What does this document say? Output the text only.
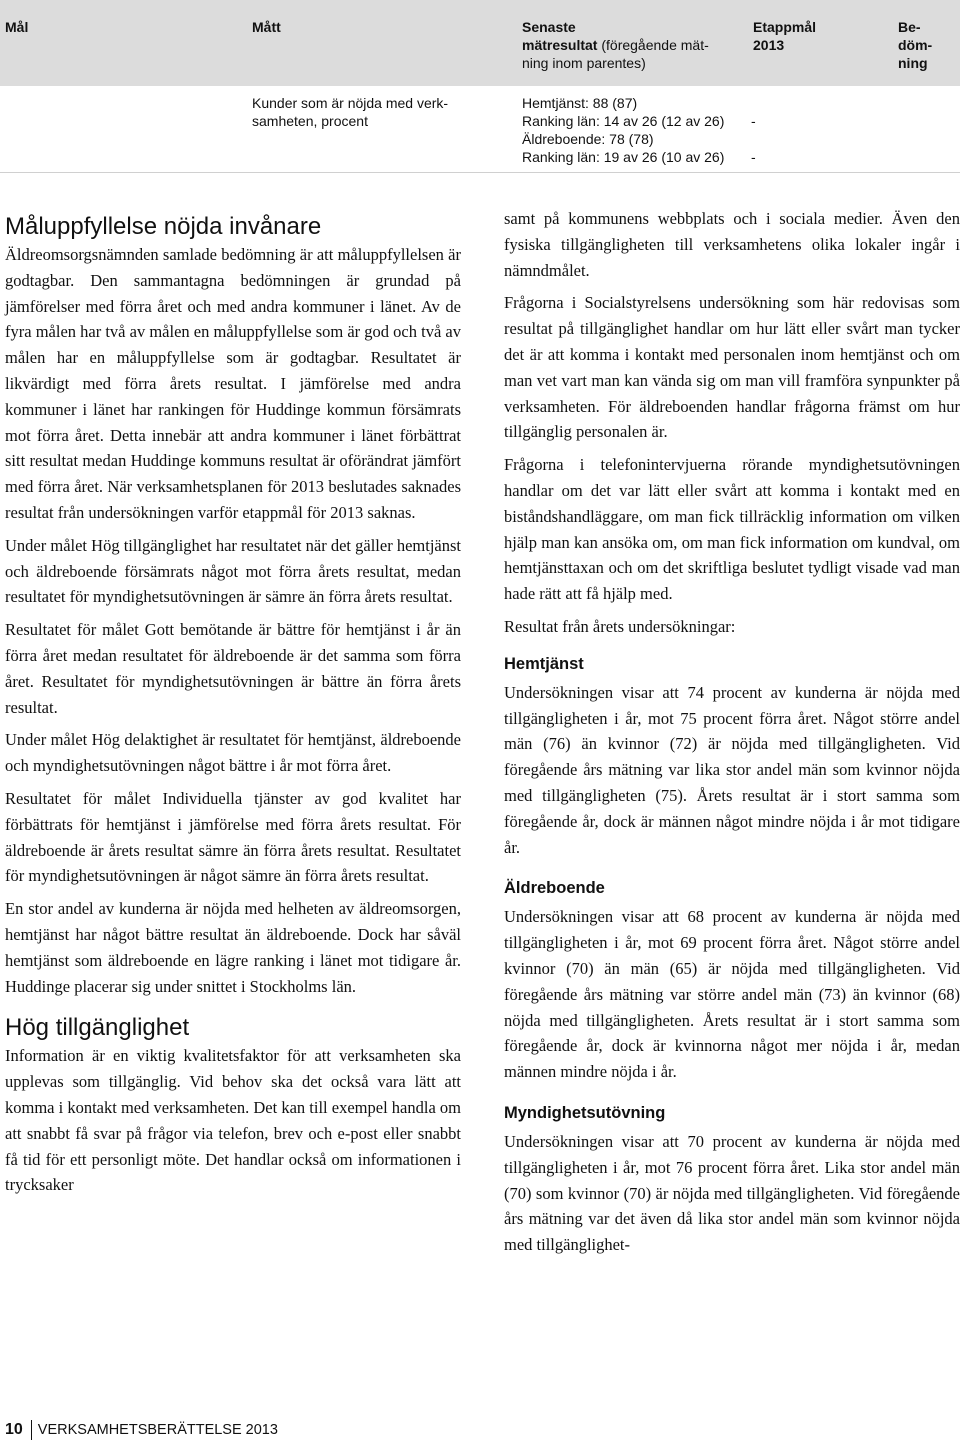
Mål	Mått	Senaste
mätresultat (föregående mät-
ning inom parentes)
Etappmål
2013
Be-
döm-
ning
Kunder som är nöjda med verk-
samheten, procent
Hemtjänst: 88 (87)
Ranking län: 14 av 26 (12 av 26)
Äldreboende: 78 (78)
Ranking län: 19 av 26 (10 av 26)
-
-
Måluppfyllelse nöjda invånare

Äldreomsorgsnämnden samlade bedömning är att måluppfyllelsen är godtagbar. Den sammantagna bedömningen är grundad på jämförelser med förra året och med andra kommuner i länet. Av de fyra målen har två av målen en måluppfyllelse som är god och två av målen har en måluppfyllelse som är godtagbar. Resultatet är likvärdigt med förra årets resultat. I jämförelse med andra kommuner i länet har rankingen för Huddinge kommun försämrats mot förra året. Detta innebär att andra kommuner i länet förbättrat sitt resultat medan Huddinge kommuns resultat är oförändrat jämfört med förra året. När verksamhetsplanen för 2013 beslutades saknades resultat från undersökningen varför etappmål för 2013 saknas.

Under målet Hög tillgänglighet har resultatet när det gäller hemtjänst och äldreboende försämrats något mot förra årets resultat, medan resultatet för myndighetsutövningen är sämre än förra årets resultat.

Resultatet för målet Gott bemötande är bättre för hemtjänst i år än förra året medan resultatet för äldreboende är det samma som förra året. Resultatet för myndighetsutövningen är bättre än förra årets resultat.

Under målet Hög delaktighet är resultatet för hemtjänst, äldreboende och myndighetsutövningen något bättre i år mot förra året.

Resultatet för målet Individuella tjänster av god kvalitet har förbättrats för hemtjänst i jämförelse med förra årets resultat. För äldreboende är årets resultat sämre än förra årets resultat. Resultatet för myndighetsutövningen är något sämre än förra årets resultat.

En stor andel av kunderna är nöjda med helheten av äldreomsorgen, hemtjänst har något bättre resultat än äldreboende. Dock har såväl hemtjänst som äldreboende en lägre ranking i länet mot tidigare år. Huddinge placerar sig under snittet i Stockholms län.

Hög tillgänglighet

Information är en viktig kvalitetsfaktor för att verksamheten ska upplevas som tillgänglig. Vid behov ska det också vara lätt att komma i kontakt med verksamheten. Det kan till exempel handla om att snabbt få svar på frågor via telefon, brev och e-post eller snabbt få tid för ett personligt möte. Det handlar också om informationen i trycksaker

samt på kommunens webbplats och i sociala medier. Även den fysiska tillgängligheten till verksamhetens olika lokaler ingår i nämndmålet.

Frågorna i Socialstyrelsens undersökning som här redovisas som resultat på tillgänglighet handlar om hur lätt eller svårt man tycker det är att komma i kontakt med personalen inom hemtjänst och om man vet vart man kan vända sig om man vill framföra synpunkter på verksamheten. För äldreboenden handlar frågorna främst om hur tillgänglig personalen är.

Frågorna i telefonintervjuerna rörande myndighetsutövningen handlar om det var lätt eller svårt att komma i kontakt med en biståndshandläggare, om man fick tillräcklig information om vilken hjälp man kan ansöka om, om man fick information om kundval, om hemtjänsttaxan och om det skriftliga beslutet tydligt visade vad man hade rätt att få hjälp med.

Resultat från årets undersökningar:

Hemtjänst

Undersökningen visar att 74 procent av kunderna är nöjda med tillgängligheten i år, mot 75 procent förra året. Något större andel män (76) än kvinnor (72) är nöjda med tillgängligheten. Vid föregående års mätning var lika stor andel män som kvinnor nöjda med tillgängligheten (75). Årets resultat är i stort samma som föregående år, dock är männen något mindre nöjda i år mot tidigare år.

Äldreboende

Undersökningen visar att 68 procent av kunderna är nöjda med tillgängligheten i år, mot 69 procent förra året. Något större andel kvinnor (70) än män (65) är nöjda med tillgängligheten. Vid föregående års mätning var större andel män (73) än kvinnor (68) nöjda med tillgängligheten. Årets resultat är i stort samma som föregående år, dock är kvinnorna något mer nöjda i år, medan männen mindre nöjda i år.

Myndighetsutövning

Undersökningen visar att 70 procent av kunderna är nöjda med tillgängligheten i år, mot 76 procent förra året. Lika stor andel män (70) som kvinnor (70) är nöjda med tillgängligheten. Vid föregående års mätning var det även då lika stor andel män som kvinnor nöjda med tillgänglighet-

10 VERKSAMHETSBERÄTTELSE 2013
